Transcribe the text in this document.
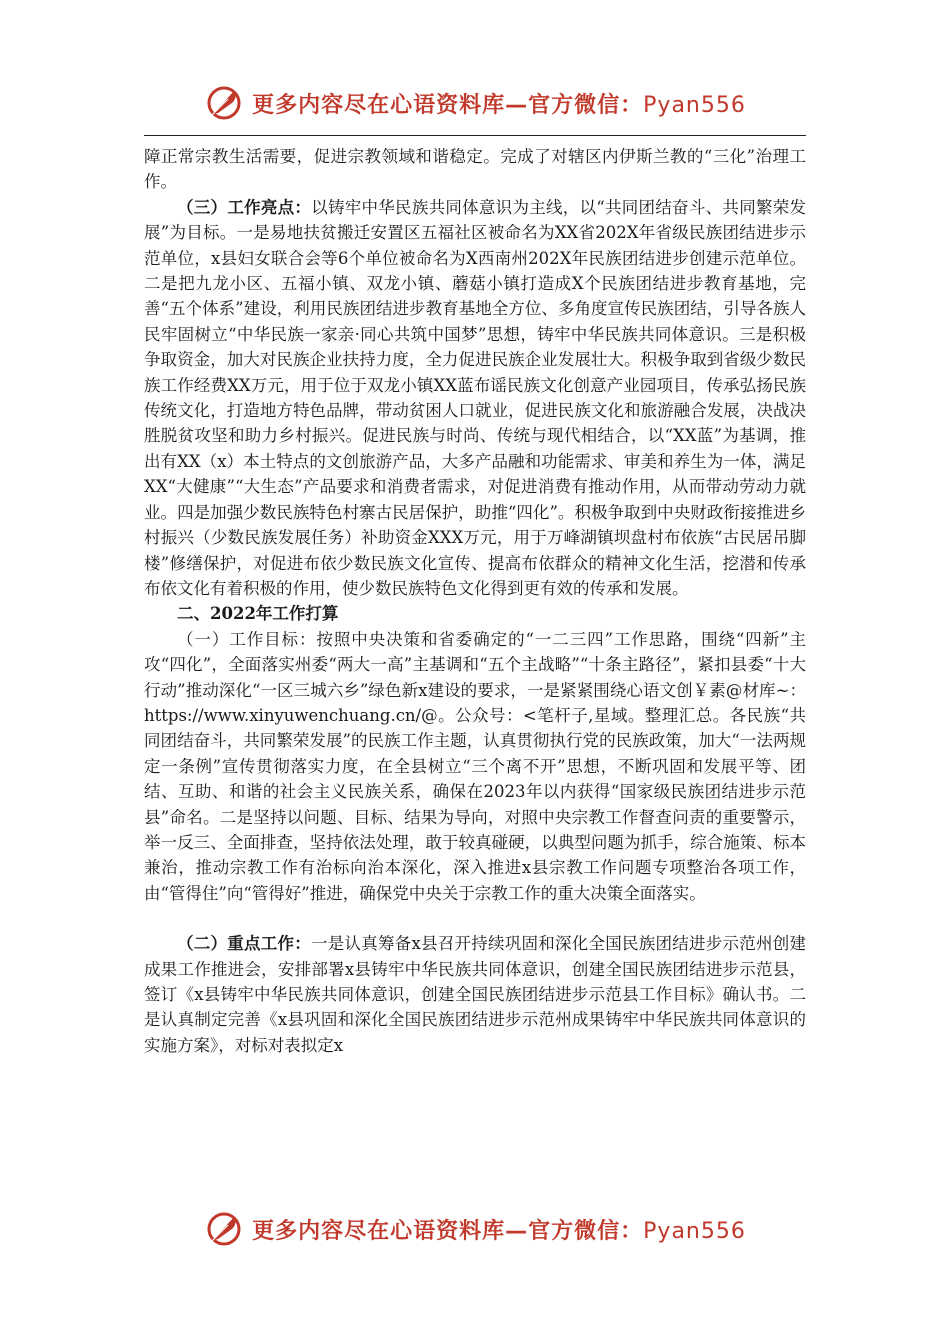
更多内容尽在心语资料库—官方微信：Pyan556

障正常宗教生活需要，促进宗教领域和谐稳定。完成了对辖区内伊斯兰教的“三化”治理工作。

（三）工作亮点：以铸牢中华民族共同体意识为主线，以“共同团结奋斗、共同繁荣发展”为目标。一是易地扶贫搬迁安置区五福社区被命名为XX省202X年省级民族团结进步示范单位，x县妇女联合会等6个单位被命名为X西南州202X年民族团结进步创建示范单位。二是把九龙小区、五福小镇、双龙小镇、蘑菇小镇打造成X个民族团结进步教育基地，完善“五个体系”建设，利用民族团结进步教育基地全方位、多角度宣传民族团结，引导各族人民牢固树立“中华民族一家亲·同心共筑中国梦”思想，铸牢中华民族共同体意识。三是积极争取资金，加大对民族企业扶持力度，全力促进民族企业发展壮大。积极争取到省级少数民族工作经费XX万元，用于位于双龙小镇XX蓝布谣民族文化创意产业园项目，传承弘扬民族传统文化，打造地方特色品牌，带动贫困人口就业，促进民族文化和旅游融合发展，决战决胜脱贫攻坚和助力乡村振兴。促进民族与时尚、传统与现代相结合，以“XX蓝”为基调，推出有XX（x）本土特点的文创旅游产品，大多产品融和功能需求、审美和养生为一体，满足XX“大健康”“大生态”产品要求和消费者需求，对促进消费有推动作用，从而带动劳动力就业。四是加强少数民族特色村寨古民居保护，助推“四化”。积极争取到中央财政衔接推进乡村振兴（少数民族发展任务）补助资金XXX万元，用于万峰湖镇坝盘村布依族“古民居吊脚楼”修缮保护，对促进布依少数民族文化宣传、提高布依群众的精神文化生活，挖潜和传承布依文化有着积极的作用，使少数民族特色文化得到更有效的传承和发展。

二、2022年工作打算

（一）工作目标：按照中央决策和省委确定的“一二三四”工作思路，围绕“四新”主攻“四化”，全面落实州委“两大一高”主基调和“五个主战略”“十条主路径”，紧扣县委“十大行动”推动深化“一区三城六乡”绿色新x建设的要求，一是紧紧围绕心语文创￥素@材库~：https://www.xinyuwenchuang.cn/@。公众号：<笔杆子,星域。整理汇总。各民族“共同团结奋斗，共同繁荣发展”的民族工作主题，认真贯彻执行党的民族政策，加大“一法两规定一条例”宣传贯彻落实力度，在全县树立“三个离不开”思想，不断巩固和发展平等、团结、互助、和谐的社会主义民族关系，确保在2023年以内获得“国家级民族团结进步示范县”命名。二是坚持以问题、目标、结果为导向，对照中央宗教工作督查问责的重要警示，举一反三、全面排查，坚持依法处理，敢于较真碰硬，以典型问题为抓手，综合施策、标本兼治，推动宗教工作有治标向治本深化，深入推进x县宗教工作问题专项整治各项工作，由“管得住”向“管得好”推进，确保党中央关于宗教工作的重大决策全面落实。

（二）重点工作：一是认真筹备x县召开持续巩固和深化全国民族团结进步示范州创建成果工作推进会，安排部署x县铸牢中华民族共同体意识，创建全国民族团结进步示范县，签订《x县铸牢中华民族共同体意识，创建全国民族团结进步示范县工作目标》确认书。二是认真制定完善《x县巩固和深化全国民族团结进步示范州成果铸牢中华民族共同体意识的实施方案》，对标对表拟定x

更多内容尽在心语资料库—官方微信：Pyan556
